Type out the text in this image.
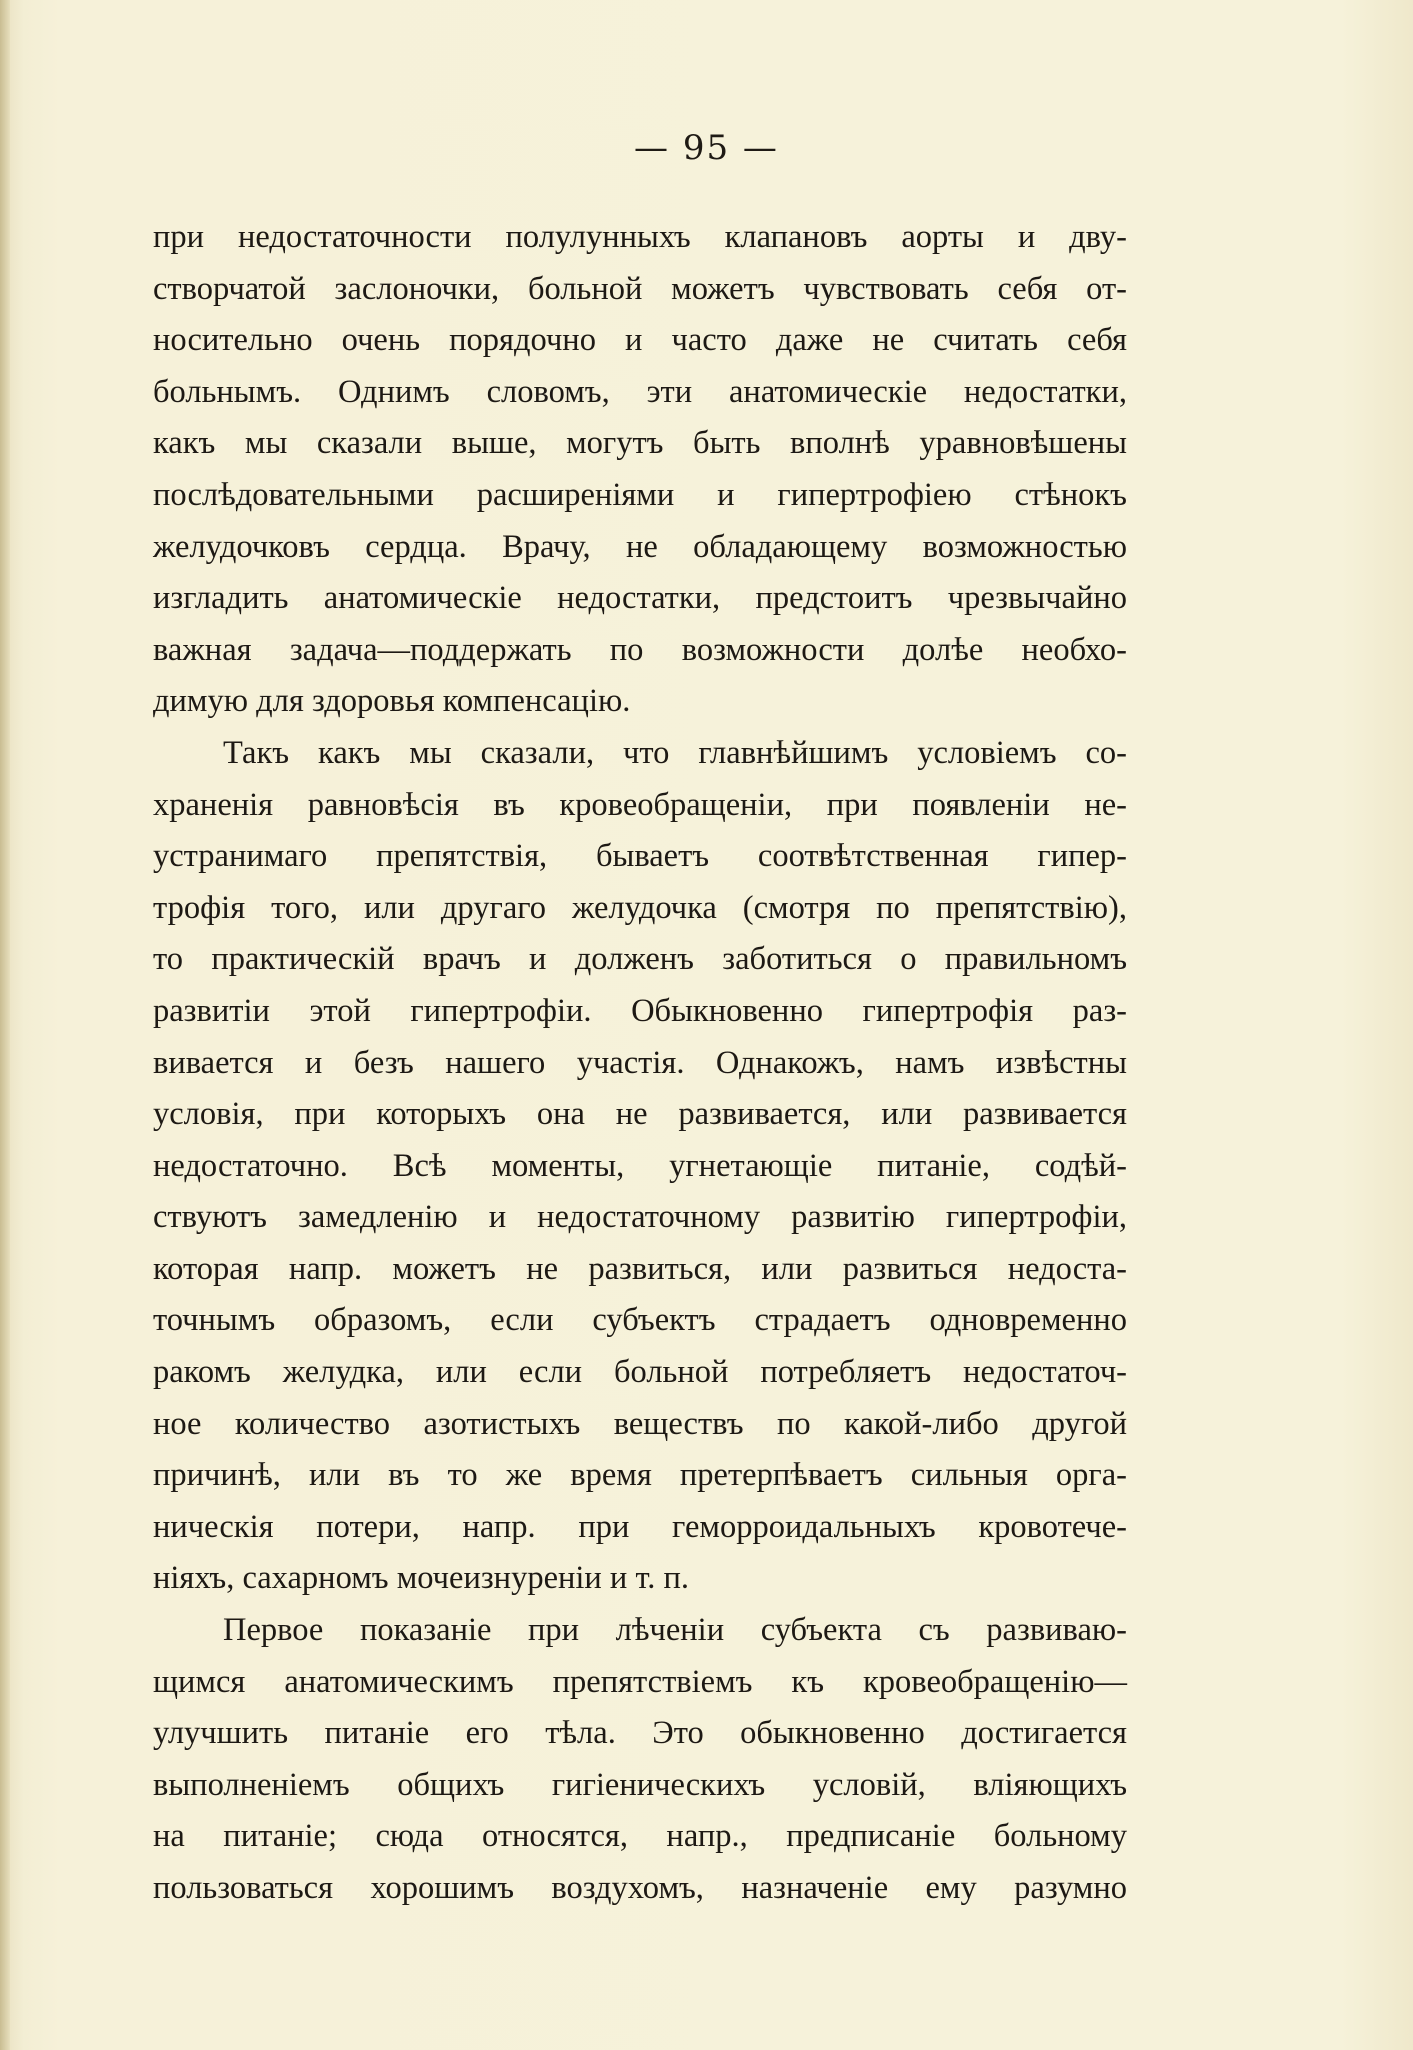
— 95 —
при недостаточности полулунныхъ клапановъ аорты и дву-
створчатой заслоночки, больной можетъ чувствовать себя от-
носительно очень порядочно и часто даже не считать себя
больнымъ. Однимъ словомъ, эти анатомическіе недостатки,
какъ мы сказали выше, могутъ быть вполнѣ уравновѣшены
послѣдовательными расширеніями и гипертрофіею стѣнокъ
желудочковъ сердца. Врачу, не обладающему возможностью
изгладить анатомическіе недостатки, предстоитъ чрезвычайно
важная задача—поддержать по возможности долѣе необхо-
димую для здоровья компенсацію.
Такъ какъ мы сказали, что главнѣйшимъ условіемъ со-
храненія равновѣсія въ кровеобращеніи, при появленіи не-
устранимаго препятствія, бываетъ соотвѣтственная гипер-
трофія того, или другаго желудочка (смотря по препятствію),
то практическій врачъ и долженъ заботиться о правильномъ
развитіи этой гипертрофіи. Обыкновенно гипертрофія раз-
вивается и безъ нашего участія. Однакожъ, намъ извѣстны
условія, при которыхъ она не развивается, или развивается
недостаточно. Всѣ моменты, угнетающіе питаніе, содѣй-
ствуютъ замедленію и недостаточному развитію гипертрофіи,
которая напр. можетъ не развиться, или развиться недоста-
точнымъ образомъ, если субъектъ страдаетъ одновременно
ракомъ желудка, или если больной потребляетъ недостаточ-
ное количество азотистыхъ веществъ по какой-либо другой
причинѣ, или въ то же время претерпѣваетъ сильныя орга-
ническія потери, напр. при геморроидальныхъ кровотече-
ніяхъ, сахарномъ мочеизнуреніи и т. п.
Первое показаніе при лѣченіи субъекта съ развиваю-
щимся анатомическимъ препятствіемъ къ кровеобращенію—
улучшить питаніе его тѣла. Это обыкновенно достигается
выполненіемъ общихъ гигіеническихъ условій, вліяющихъ
на питаніе; сюда относятся, напр., предписаніе больному
пользоваться хорошимъ воздухомъ, назначеніе ему разумно
